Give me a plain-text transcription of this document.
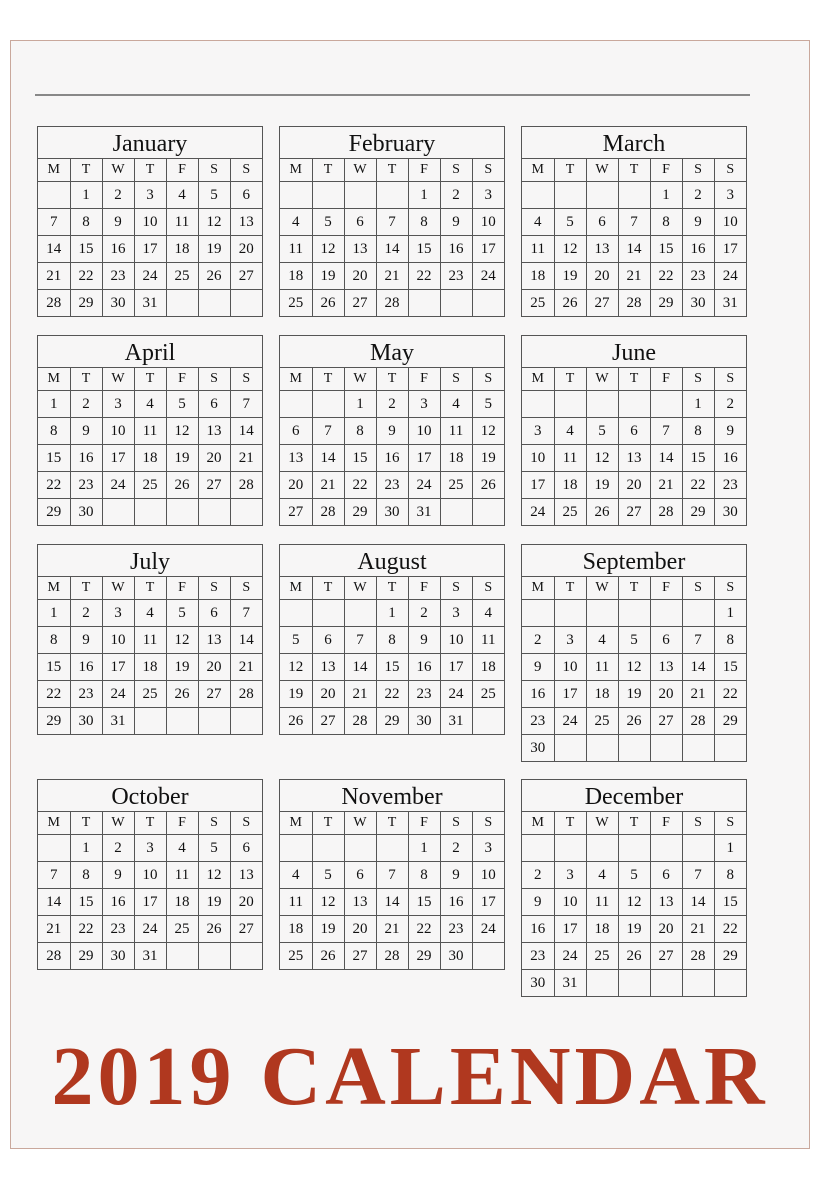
January
M	T	W	T	F	S	S
	1	2	3	4	5	6
7	8	9	10	11	12	13
14	15	16	17	18	19	20
21	22	23	24	25	26	27
28	29	30	31			
February
M	T	W	T	F	S	S
				1	2	3
4	5	6	7	8	9	10
11	12	13	14	15	16	17
18	19	20	21	22	23	24
25	26	27	28			
March
M	T	W	T	F	S	S
				1	2	3
4	5	6	7	8	9	10
11	12	13	14	15	16	17
18	19	20	21	22	23	24
25	26	27	28	29	30	31
April
M	T	W	T	F	S	S
1	2	3	4	5	6	7
8	9	10	11	12	13	14
15	16	17	18	19	20	21
22	23	24	25	26	27	28
29	30					
May
M	T	W	T	F	S	S
		1	2	3	4	5
6	7	8	9	10	11	12
13	14	15	16	17	18	19
20	21	22	23	24	25	26
27	28	29	30	31		
June
M	T	W	T	F	S	S
					1	2
3	4	5	6	7	8	9
10	11	12	13	14	15	16
17	18	19	20	21	22	23
24	25	26	27	28	29	30
July
M	T	W	T	F	S	S
1	2	3	4	5	6	7
8	9	10	11	12	13	14
15	16	17	18	19	20	21
22	23	24	25	26	27	28
29	30	31				
August
M	T	W	T	F	S	S
			1	2	3	4
5	6	7	8	9	10	11
12	13	14	15	16	17	18
19	20	21	22	23	24	25
26	27	28	29	30	31	
September
M	T	W	T	F	S	S
						1
2	3	4	5	6	7	8
9	10	11	12	13	14	15
16	17	18	19	20	21	22
23	24	25	26	27	28	29
30						
October
M	T	W	T	F	S	S
	1	2	3	4	5	6
7	8	9	10	11	12	13
14	15	16	17	18	19	20
21	22	23	24	25	26	27
28	29	30	31			
November
M	T	W	T	F	S	S
				1	2	3
4	5	6	7	8	9	10
11	12	13	14	15	16	17
18	19	20	21	22	23	24
25	26	27	28	29	30	
December
M	T	W	T	F	S	S
						1
2	3	4	5	6	7	8
9	10	11	12	13	14	15
16	17	18	19	20	21	22
23	24	25	26	27	28	29
30	31					
2019 CALENDAR
